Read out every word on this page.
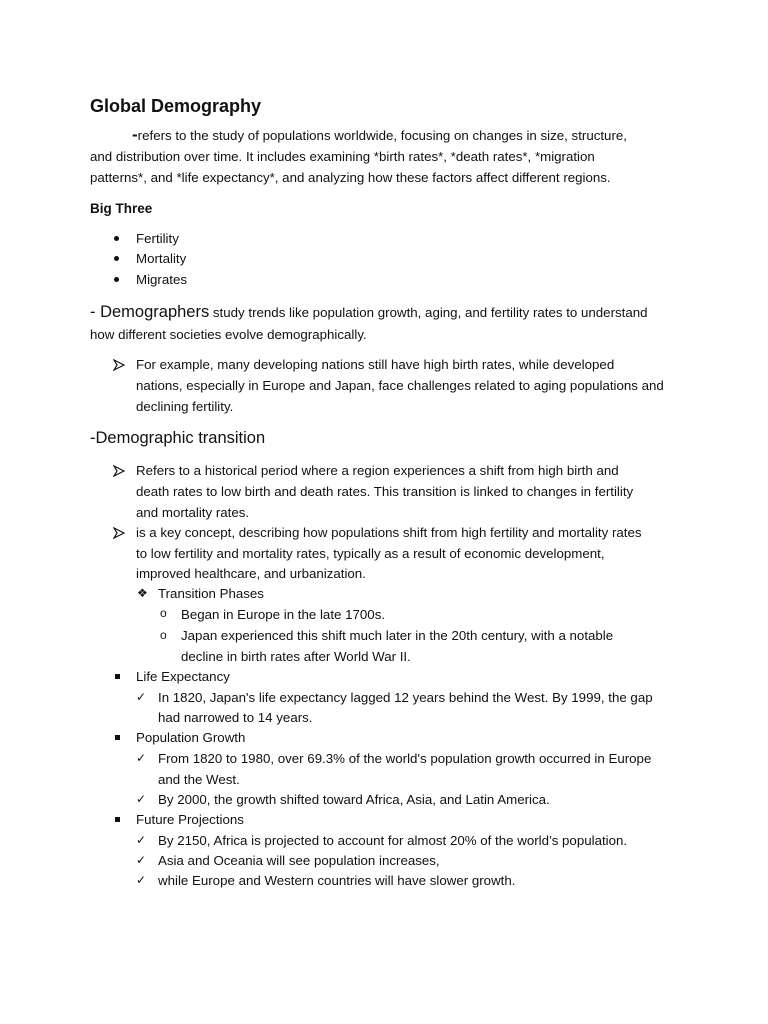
Global Demography
-refers to the study of populations worldwide, focusing on changes in size, structure,
and distribution over time. It includes examining *birth rates*, *death rates*, *migration
patterns*, and *life expectancy*, and analyzing how these factors affect different regions.
Big Three
Fertility
Mortality
Migrates
- Demographers study trends like population growth, aging, and fertility rates to understand
how different societies evolve demographically.
For example, many developing nations still have high birth rates, while developed
nations, especially in Europe and Japan, face challenges related to aging populations and
declining fertility.
-Demographic transition
Refers to a historical period where a region experiences a shift from high birth and
death rates to low birth and death rates. This transition is linked to changes in fertility
and mortality rates.
is a key concept, describing how populations shift from high fertility and mortality rates
to low fertility and mortality rates, typically as a result of economic development,
improved healthcare, and urbanization.
❖ Transition Phases
o Began in Europe in the late 1700s.
o Japan experienced this shift much later in the 20th century, with a notable
decline in birth rates after World War II.
Life Expectancy
✓ In 1820, Japan's life expectancy lagged 12 years behind the West. By 1999, the gap
had narrowed to 14 years.
Population Growth
✓ From 1820 to 1980, over 69.3% of the world's population growth occurred in Europe
and the West.
✓ By 2000, the growth shifted toward Africa, Asia, and Latin America.
Future Projections
✓ By 2150, Africa is projected to account for almost 20% of the world’s population.
✓ Asia and Oceania will see population increases,
✓ while Europe and Western countries will have slower growth.
